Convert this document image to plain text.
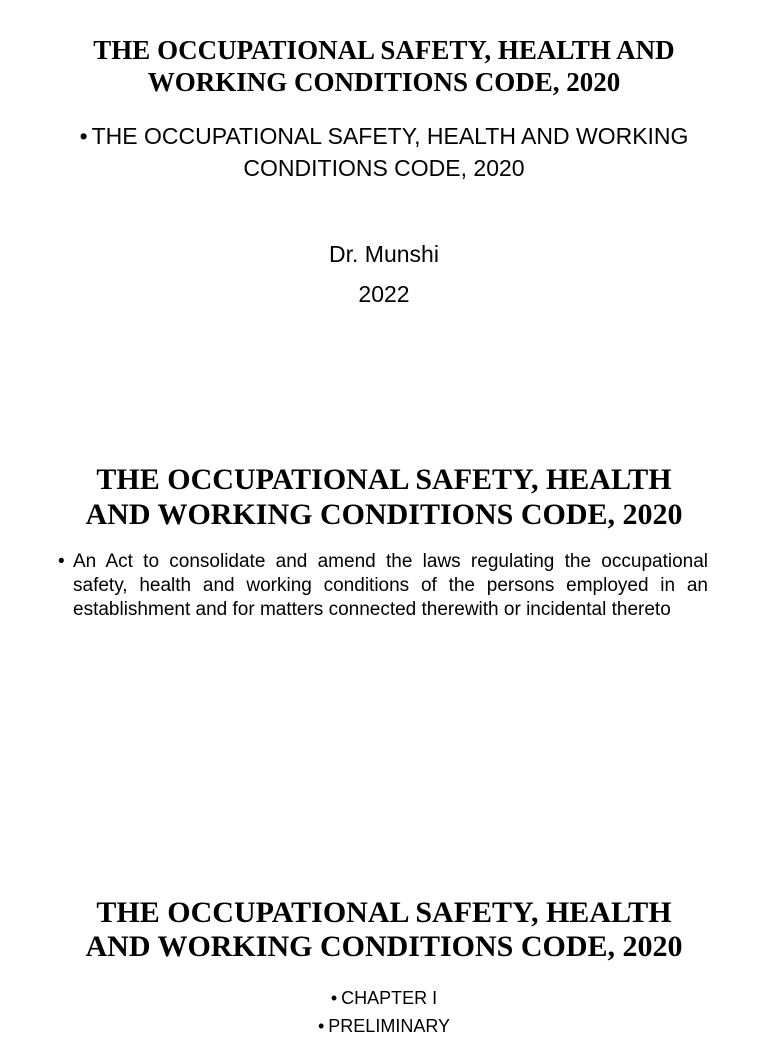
THE OCCUPATIONAL SAFETY, HEALTH AND
WORKING CONDITIONS CODE, 2020

• THE OCCUPATIONAL SAFETY, HEALTH AND WORKING
CONDITIONS CODE, 2020

Dr. Munshi
2022
THE OCCUPATIONAL SAFETY, HEALTH
AND WORKING CONDITIONS CODE, 2020
• An Act to consolidate and amend the laws regulating the occupational safety, health and working conditions of the persons employed in an establishment and for matters connected therewith or incidental thereto
THE OCCUPATIONAL SAFETY, HEALTH
AND WORKING CONDITIONS CODE, 2020
• CHAPTER I
• PRELIMINARY
